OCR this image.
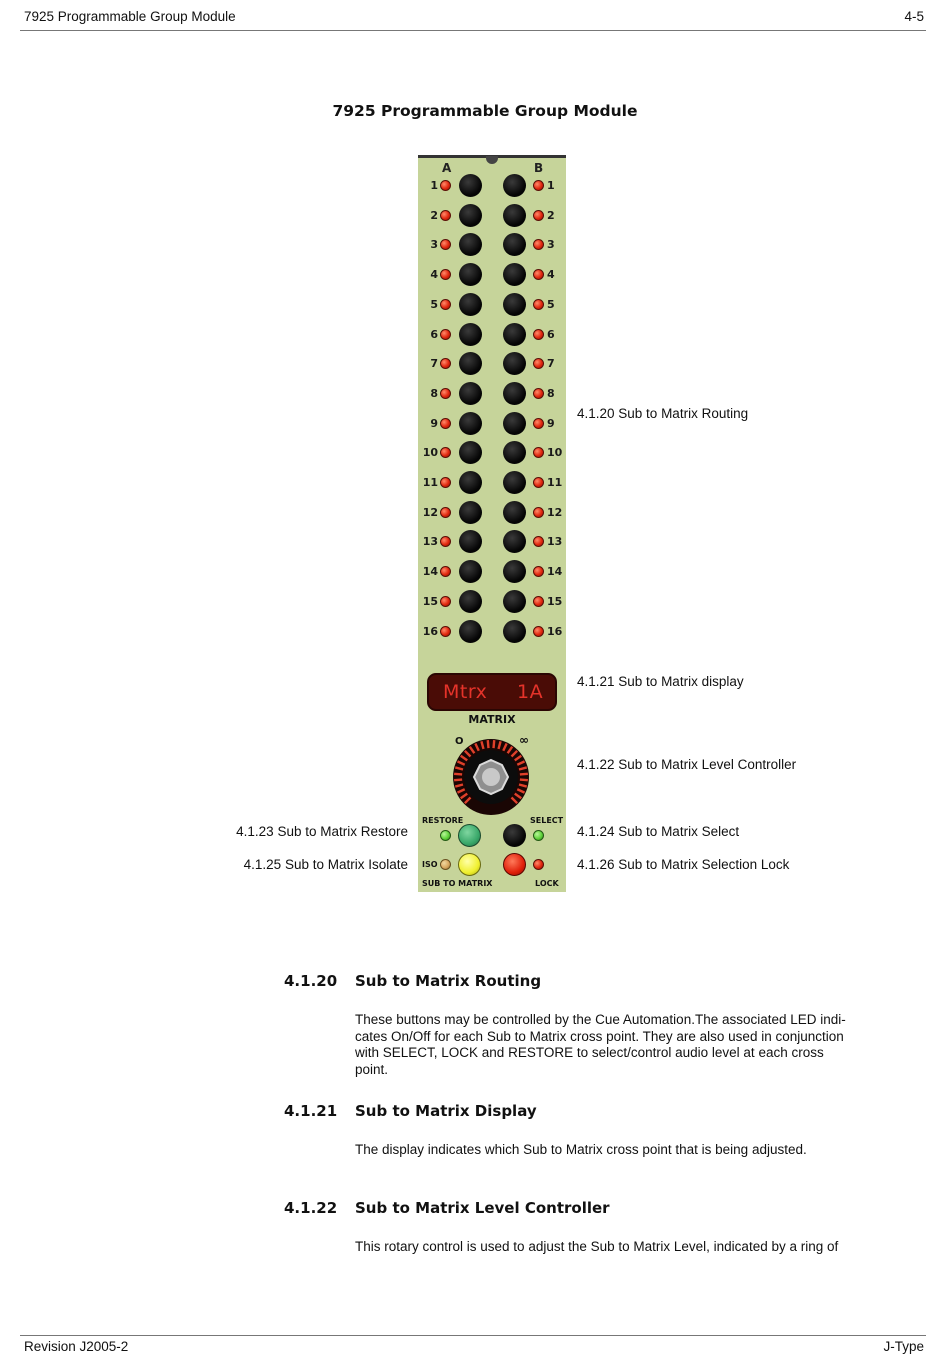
7925 Programmable Group Module	4-5
7925 Programmable Group Module
A	B
1	1
2	2
3	3
4	4
5	5
6	6
7	7
8	8
9	9
10	10
11	11
12	12
13	13
14	14
15	15
16	16
Mtrx 1A
MATRIX
O	∞
RESTORE	SELECT
ISO
SUB TO MATRIX	LOCK
4.1.20 Sub to Matrix Routing
4.1.21 Sub to Matrix display
4.1.22 Sub to Matrix Level Controller
4.1.23 Sub to Matrix Restore	4.1.24 Sub to Matrix Select
4.1.25 Sub to Matrix Isolate	4.1.26 Sub to Matrix Selection Lock
4.1.20 Sub to Matrix Routing
These buttons may be controlled by the Cue Automation.The associated LED indi-cates On/Off for each Sub to Matrix cross point. They are also used in conjunction with SELECT, LOCK and RESTORE to select/control audio level at each cross point.
4.1.21 Sub to Matrix Display
The display indicates which Sub to Matrix cross point that is being adjusted.
4.1.22 Sub to Matrix Level Controller
This rotary control is used to adjust the Sub to Matrix Level, indicated by a ring of
Revision J2005-2	J-Type
